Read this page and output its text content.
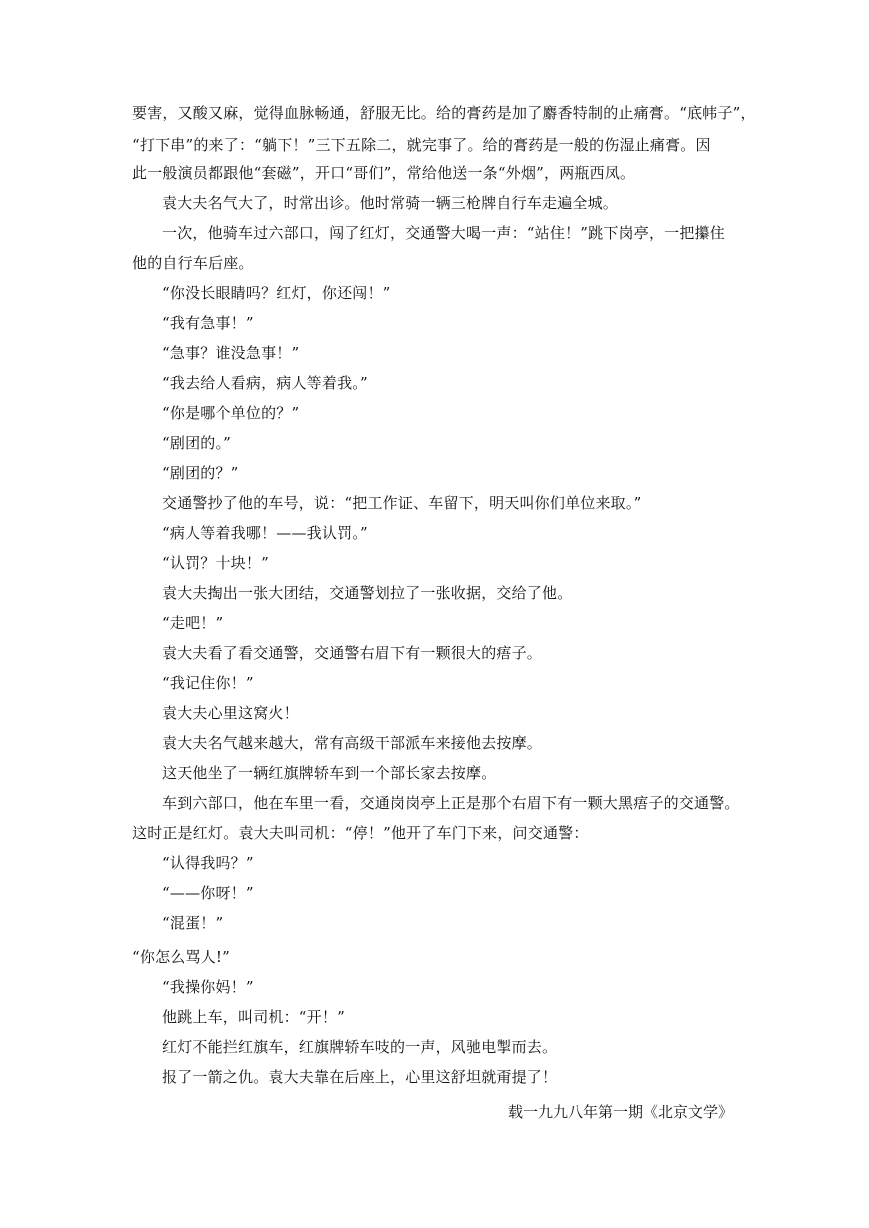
要害，又酸又麻，觉得血脉畅通，舒服无比。给的膏药是加了麝香特制的止痛膏。“底帏子”，
“打下串”的来了：“躺下！”三下五除二，就完事了。给的膏药是一般的伤湿止痛膏。因
此一般演员都跟他“套磁”，开口“哥们”，常给他送一条“外烟”，两瓶西凤。
袁大夫名气大了，时常出诊。他时常骑一辆三枪牌自行车走遍全城。
一次，他骑车过六部口，闯了红灯，交通警大喝一声：“站住！”跳下岗亭，一把攥住
他的自行车后座。
“你没长眼睛吗？红灯，你还闯！”
“我有急事！”
“急事？谁没急事！”
“我去给人看病，病人等着我。”
“你是哪个单位的？”
“剧团的。”
“剧团的？”
交通警抄了他的车号，说：“把工作证、车留下，明天叫你们单位来取。”
“病人等着我哪！——我认罚。”
“认罚？十块！”
袁大夫掏出一张大团结，交通警划拉了一张收据，交给了他。
“走吧！”
袁大夫看了看交通警，交通警右眉下有一颗很大的痦子。
“我记住你！”
袁大夫心里这窝火！
袁大夫名气越来越大，常有高级干部派车来接他去按摩。
这天他坐了一辆红旗牌轿车到一个部长家去按摩。
车到六部口，他在车里一看，交通岗岗亭上正是那个右眉下有一颗大黑痦子的交通警。
这时正是红灯。袁大夫叫司机：“停！”他开了车门下来，问交通警：
“认得我吗？”
“——你呀！”
“混蛋！”
“你怎么骂人!”
“我操你妈！”
他跳上车，叫司机：“开！”
红灯不能拦红旗车，红旗牌轿车吱的一声，风驰电掣而去。
报了一箭之仇。袁大夫靠在后座上，心里这舒坦就甭提了！
载一九九八年第一期《北京文学》
